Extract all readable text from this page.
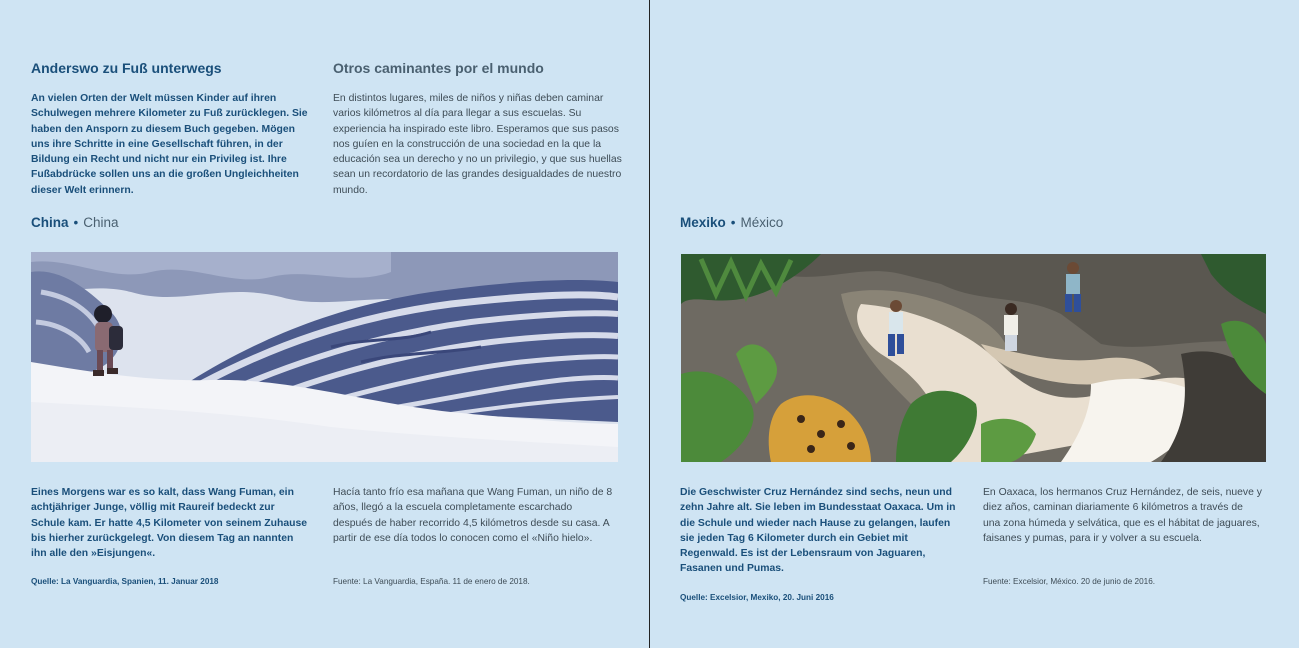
Anderswo zu Fuß unterwegs

An vielen Orten der Welt müssen Kinder auf ihren Schulwegen mehrere Kilometer zu Fuß zurücklegen. Sie haben den Ansporn zu diesem Buch gegeben. Mögen uns ihre Schritte in eine Gesellschaft führen, in der Bildung ein Recht und nicht nur ein Privileg ist. Ihre Fußabdrücke sollen uns an die großen Ungleichheiten dieser Welt erinnern.

Otros caminantes por el mundo

En distintos lugares, miles de niños y niñas deben caminar varios kilómetros al día para llegar a sus escuelas. Su experiencia ha inspirado este libro. Esperamos que sus pasos nos guíen en la construcción de una sociedad en la que la educación sea un derecho y no un privilegio, y que sus huellas sean un recordatorio de las grandes desigualdades de nuestro mundo.

China • China

Eines Morgens war es so kalt, dass Wang Fuman, ein achtjähriger Junge, völlig mit Raureif bedeckt zur Schule kam. Er hatte 4,5 Kilometer von seinem Zuhause bis hierher zurückgelegt. Von diesem Tag an nannten ihn alle den »Eisjungen«.

Hacía tanto frío esa mañana que Wang Fuman, un niño de 8 años, llegó a la escuela completamente escarchado después de haber recorrido 4,5 kilómetros desde su casa. A partir de ese día todos lo conocen como el «Niño hielo».

Quelle: La Vanguardia, Spanien, 11. Januar 2018	Fuente: La Vanguardia, España. 11 de enero de 2018.

Mexiko • México

Die Geschwister Cruz Hernández sind sechs, neun und zehn Jahre alt. Sie leben im Bundesstaat Oaxaca. Um in die Schule und wieder nach Hause zu gelangen, laufen sie jeden Tag 6 Kilometer durch ein Gebiet mit Regenwald. Es ist der Lebensraum von Jaguaren, Fasanen und Pumas.

En Oaxaca, los hermanos Cruz Hernández, de seis, nueve y diez años, caminan diariamente 6 kilómetros a través de una zona húmeda y selvática, que es el hábitat de jaguares, faisanes y pumas, para ir y volver a su escuela.

Quelle: Excelsior, Mexiko, 20. Juni 2016

Fuente: Excelsior, México. 20 de junio de 2016.
